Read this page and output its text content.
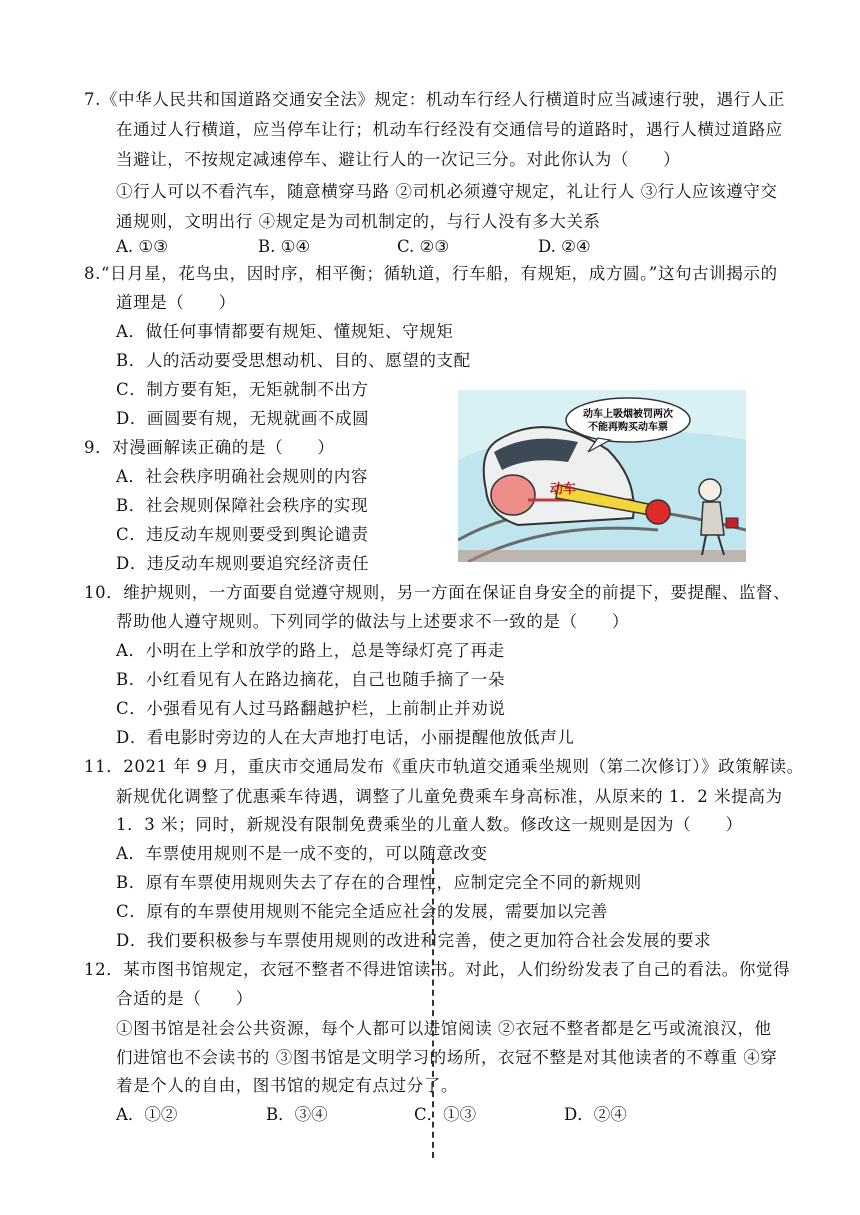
7.《中华人民共和国道路交通安全法》规定：机动车行经人行横道时应当减速行驶，遇行人正
在通过人行横道，应当停车让行；机动车行经没有交通信号的道路时，遇行人横过道路应
当避让，不按规定减速停车、避让行人的一次记三分。对此你认为（　　）
①行人可以不看汽车，随意横穿马路 ②司机必须遵守规定，礼让行人 ③行人应该遵守交
通规则，文明出行 ④规定是为司机制定的，与行人没有多大关系
A. ①③	B. ①④	C. ②③	D. ②④
8.“日月星，花鸟虫，因时序，相平衡；循轨道，行车船，有规矩，成方圆。”这句古训揭示的
道理是（　　）
A．做任何事情都要有规矩、懂规矩、守规矩
B．人的活动要受思想动机、目的、愿望的支配
C．制方要有矩，无矩就制不出方
D．画圆要有规，无规就画不成圆
动车
动车上吸烟被罚两次
不能再购买动车票
9．对漫画解读正确的是（　　）
A．社会秩序明确社会规则的内容
B．社会规则保障社会秩序的实现
C．违反动车规则要受到舆论谴责
D．违反动车规则要追究经济责任
10．维护规则，一方面要自觉遵守规则，另一方面在保证自身安全的前提下，要提醒、监督、
帮助他人遵守规则。下列同学的做法与上述要求不一致的是（　　）
A．小明在上学和放学的路上，总是等绿灯亮了再走
B．小红看见有人在路边摘花，自己也随手摘了一朵
C．小强看见有人过马路翻越护栏，上前制止并劝说
D．看电影时旁边的人在大声地打电话，小丽提醒他放低声儿
11．2021 年 9 月，重庆市交通局发布《重庆市轨道交通乘坐规则（第二次修订）》政策解读。
新规优化调整了优惠乘车待遇，调整了儿童免费乘车身高标准，从原来的 1．2 米提高为
1．3 米；同时，新规没有限制免费乘坐的儿童人数。修改这一规则是因为（　　）
A．车票使用规则不是一成不变的，可以随意改变
B．原有车票使用规则失去了存在的合理性，应制定完全不同的新规则
C．原有的车票使用规则不能完全适应社会的发展，需要加以完善
D．我们要积极参与车票使用规则的改进和完善，使之更加符合社会发展的要求
12．某市图书馆规定，衣冠不整者不得进馆读书。对此，人们纷纷发表了自己的看法。你觉得
合适的是（　　）
①图书馆是社会公共资源，每个人都可以进馆阅读 ②衣冠不整者都是乞丐或流浪汉，他
们进馆也不会读书的 ③图书馆是文明学习的场所，衣冠不整是对其他读者的不尊重 ④穿
着是个人的自由，图书馆的规定有点过分了。
A．①②	B．③④	C．①③	D．②④
